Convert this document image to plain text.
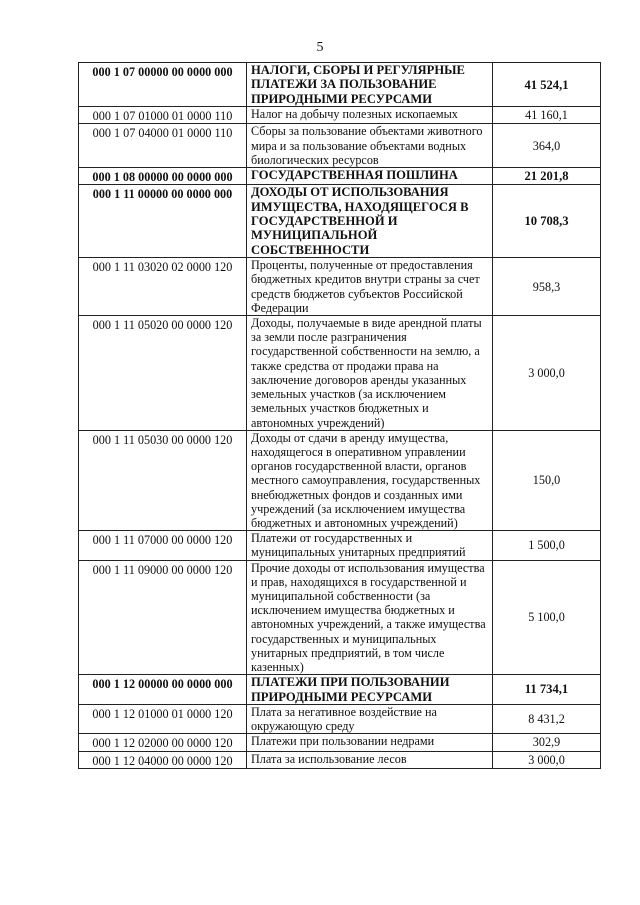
5
000 1 07 00000 00 0000 000	НАЛОГИ, СБОРЫ И РЕГУЛЯРНЫЕ ПЛАТЕЖИ ЗА ПОЛЬЗОВАНИЕ ПРИРОДНЫМИ РЕСУРСАМИ	41 524,1
000 1 07 01000 01 0000 110	Налог на добычу полезных ископаемых	41 160,1
000 1 07 04000 01 0000 110	Сборы за пользование объектами животного мира и за пользование объектами водных биологических ресурсов	364,0
000 1 08 00000 00 0000 000	ГОСУДАРСТВЕННАЯ ПОШЛИНА	21 201,8
000 1 11 00000 00 0000 000	ДОХОДЫ ОТ ИСПОЛЬЗОВАНИЯ ИМУЩЕСТВА, НАХОДЯЩЕГОСЯ В ГОСУДАРСТВЕННОЙ И МУНИЦИПАЛЬНОЙ СОБСТВЕННОСТИ	10 708,3
000 1 11 03020 02 0000 120	Проценты, полученные от предоставления бюджетных кредитов внутри страны за счет средств бюджетов субъектов Российской Федерации	958,3
000 1 11 05020 00 0000 120	Доходы, получаемые в виде арендной платы за земли после разграничения государственной собственности на землю, а также средства от продажи права на заключение договоров аренды указанных земельных участков (за исключением земельных участков бюджетных и автономных учреждений)	3 000,0
000 1 11 05030 00 0000 120	Доходы от сдачи в аренду имущества, находящегося в оперативном управлении органов государственной власти, органов местного самоуправления, государственных внебюджетных фондов и созданных ими учреждений (за исключением имущества бюджетных и автономных учреждений)	150,0
000 1 11 07000 00 0000 120	Платежи от государственных и муниципальных унитарных предприятий	1 500,0
000 1 11 09000 00 0000 120	Прочие доходы от использования имущества и прав, находящихся в государственной и муниципальной собственности (за исключением имущества бюджетных и автономных учреждений, а также имущества государственных и муниципальных унитарных предприятий, в том числе казенных)	5 100,0
000 1 12 00000 00 0000 000	ПЛАТЕЖИ ПРИ ПОЛЬЗОВАНИИ ПРИРОДНЫМИ РЕСУРСАМИ	11 734,1
000 1 12 01000 01 0000 120	Плата за негативное воздействие на окружающую среду	8 431,2
000 1 12 02000 00 0000 120	Платежи при пользовании недрами	302,9
000 1 12 04000 00 0000 120	Плата за использование лесов	3 000,0
